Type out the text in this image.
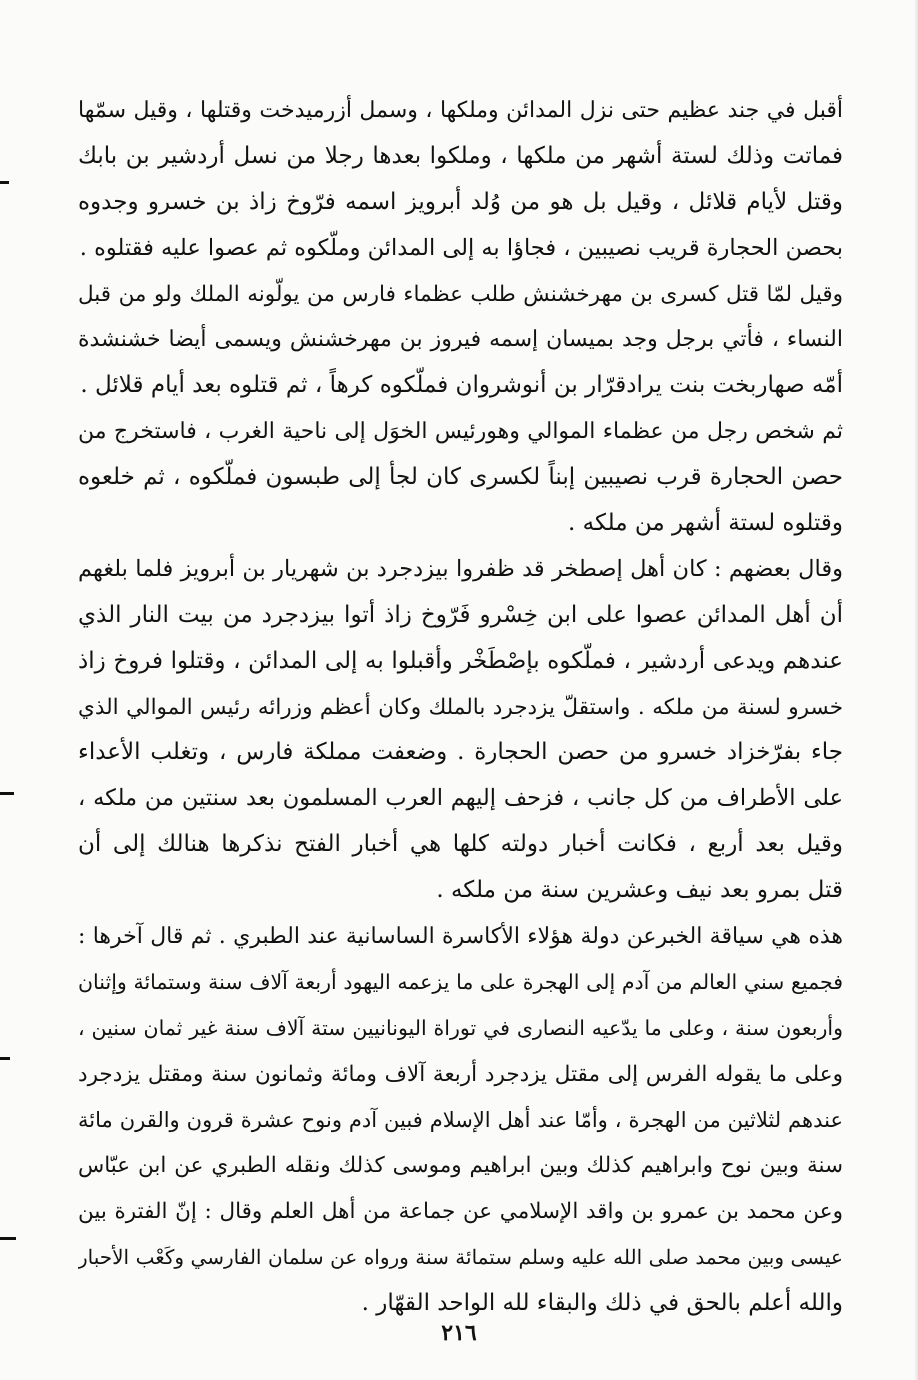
أقبل في جند عظيم حتى نزل المدائن وملكها ، وسمل أزرميدخت وقتلها ، وقيل سمّها
فماتت وذلك لستة أشهر من ملكها ، وملكوا بعدها رجلا من نسل أردشير بن بابك
وقتل لأيام قلائل ، وقيل بل هو من وُلد أبرويز اسمه فرّوخ زاذ بن خسرو وجدوه
بحصن الحجارة قريب نصيبين ، فجاؤا به إلى المدائن وملّكوه ثم عصوا عليه فقتلوه .
وقيل لمّا قتل كسرى بن مهرخشنش طلب عظماء فارس من يولّونه الملك ولو من قبل
النساء ، فأتي برجل وجد بميسان إسمه فيروز بن مهرخشنش ويسمى أيضا خشنشدة
أمّه صهاربخت بنت يرادقرّار بن أنوشروان فملّكوه كرهاً ، ثم قتلوه بعد أيام قلائل .
ثم شخص رجل من عظماء الموالي وهورئيس الخوَل إلى ناحية الغرب ، فاستخرج من
حصن الحجارة قرب نصيبين إبناً لكسرى كان لجأ إلى طبسون فملّكوه ، ثم خلعوه
وقتلوه لستة أشهر من ملكه .
وقال بعضهم : كان أهل إصطخر قد ظفروا بيزدجرد بن شهريار بن أبرويز فلما بلغهم
أن أهل المدائن عصوا على ابن خِسْرو فَرّوخ زاذ أتوا بيزدجرد من بيت النار الذي
عندهم ويدعى أردشير ، فملّكوه بإصْطَخْر وأقبلوا به إلى المدائن ، وقتلوا فروخ زاذ
خسرو لسنة من ملكه . واستقلّ يزدجرد بالملك وكان أعظم وزرائه رئيس الموالي الذي
جاء بفرّخزاد خسرو من حصن الحجارة . وضعفت مملكة فارس ، وتغلب الأعداء
على الأطراف من كل جانب ، فزحف إليهم العرب المسلمون بعد سنتين من ملكه ،
وقيل بعد أربع ، فكانت أخبار دولته كلها هي أخبار الفتح نذكرها هنالك إلى أن
قتل بمرو بعد نيف وعشرين سنة من ملكه .
هذه هي سياقة الخبرعن دولة هؤلاء الأكاسرة الساسانية عند الطبري . ثم قال آخرها :
فجميع سني العالم من آدم إلى الهجرة على ما يزعمه اليهود أربعة آلاف سنة وستمائة وإثنان
وأربعون سنة ، وعلى ما يدّعيه النصارى في توراة اليونانيين ستة آلاف سنة غير ثمان سنين ،
وعلى ما يقوله الفرس إلى مقتل يزدجرد أربعة آلاف ومائة وثمانون سنة ومقتل يزدجرد
عندهم لثلاثين من الهجرة ، وأمّا عند أهل الإسلام فبين آدم ونوح عشرة قرون والقرن مائة
سنة وبين نوح وابراهيم كذلك وبين ابراهيم وموسى كذلك ونقله الطبري عن ابن عبّاس
وعن محمد بن عمرو بن واقد الإسلامي عن جماعة من أهل العلم وقال : إنّ الفترة بين
عيسى وبين محمد صلى الله عليه وسلم ستمائة سنة ورواه عن سلمان الفارسي وكَعْب الأحبار
والله أعلم بالحق في ذلك والبقاء لله الواحد القهّار .
٢١٦
